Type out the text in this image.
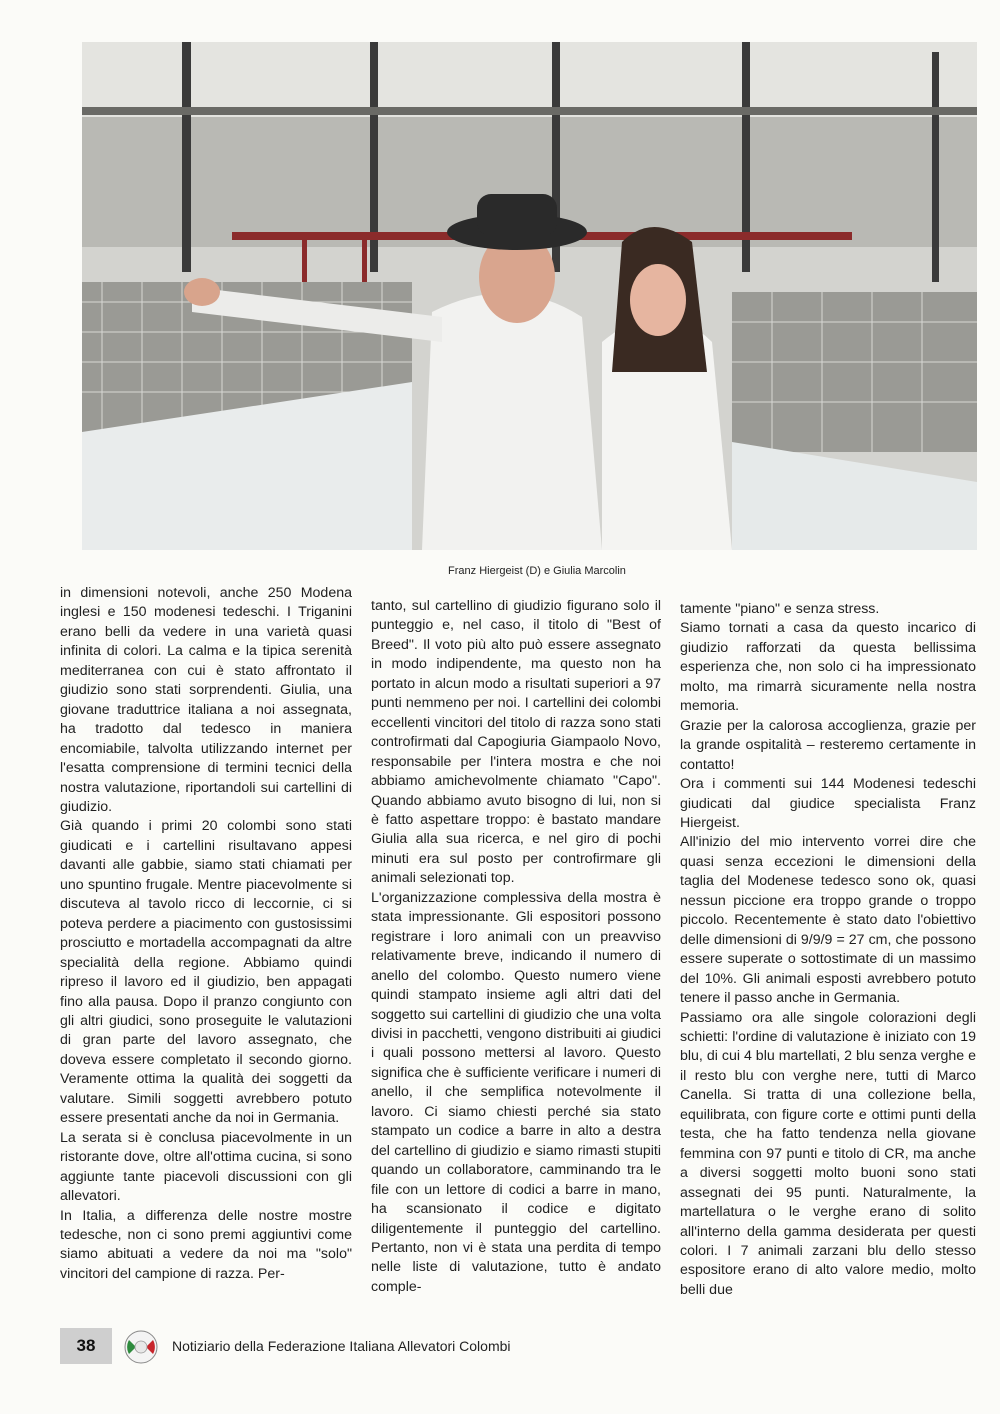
Franz Hiergeist (D) e Giulia Marcolin

in dimensioni notevoli, anche 250 Modena inglesi e 150 modenesi tedeschi. I Triganini erano belli da vedere in una varietà quasi infinita di colori. La calma e la tipica serenità mediterranea con cui è stato affrontato il giudizio sono stati sorprendenti. Giulia, una giovane traduttrice italiana a noi assegnata, ha tradotto dal tedesco in maniera encomiabile, talvolta utilizzando internet per l'esatta comprensione di termini tecnici della nostra valutazione, riportandoli sui cartellini di giudizio.

Già quando i primi 20 colombi sono stati giudicati e i cartellini risultavano appesi davanti alle gabbie, siamo stati chiamati per uno spuntino frugale. Mentre piacevolmente si discuteva al tavolo ricco di leccornie, ci si poteva perdere a piacimento con gustosissimi prosciutto e mortadella accompagnati da altre specialità della regione. Abbiamo quindi ripreso il lavoro ed il giudizio, ben appagati fino alla pausa. Dopo il pranzo congiunto con gli altri giudici, sono proseguite le valutazioni di gran parte del lavoro assegnato, che doveva essere completato il secondo giorno. Veramente ottima la qualità dei soggetti da valutare. Simili soggetti avrebbero potuto essere presentati anche da noi in Germania.

La serata si è conclusa piacevolmente in un ristorante dove, oltre all'ottima cucina, si sono aggiunte tante piacevoli discussioni con gli allevatori.

In Italia, a differenza delle nostre mostre tedesche, non ci sono premi aggiuntivi come siamo abituati a vedere da noi ma "solo" vincitori del campione di razza. Per-

tanto, sul cartellino di giudizio figurano solo il punteggio e, nel caso, il titolo di "Best of Breed". Il voto più alto può essere assegnato in modo indipendente, ma questo non ha portato in alcun modo a risultati superiori a 97 punti nemmeno per noi. I cartellini dei colombi eccellenti vincitori del titolo di razza sono stati controfirmati dal Capogiuria Giampaolo Novo, responsabile per l'intera mostra e che noi abbiamo amichevolmente chiamato "Capo". Quando abbiamo avuto bisogno di lui, non si è fatto aspettare troppo: è bastato mandare Giulia alla sua ricerca, e nel giro di pochi minuti era sul posto per controfirmare gli animali selezionati top.

L'organizzazione complessiva della mostra è stata impressionante. Gli espositori possono registrare i loro animali con un preavviso relativamente breve, indicando il numero di anello del colombo. Questo numero viene quindi stampato insieme agli altri dati del soggetto sui cartellini di giudizio che una volta divisi in pacchetti, vengono distribuiti ai giudici i quali possono mettersi al lavoro. Questo significa che è sufficiente verificare i numeri di anello, il che semplifica notevolmente il lavoro. Ci siamo chiesti perché sia stato stampato un codice a barre in alto a destra del cartellino di giudizio e siamo rimasti stupiti quando un collaboratore, camminando tra le file con un lettore di codici a barre in mano, ha scansionato il codice e digitato diligentemente il punteggio del cartellino. Pertanto, non vi è stata una perdita di tempo nelle liste di valutazione, tutto è andato comple-

tamente "piano" e senza stress.

Siamo tornati a casa da questo incarico di giudizio rafforzati da questa bellissima esperienza che, non solo ci ha impressionato molto, ma rimarrà sicuramente nella nostra memoria.

Grazie per la calorosa accoglienza, grazie per la grande ospitalità – resteremo certamente in contatto!

Ora i commenti sui 144 Modenesi tedeschi giudicati dal giudice specialista Franz Hiergeist.

All'inizio del mio intervento vorrei dire che quasi senza eccezioni le dimensioni della taglia del Modenese tedesco sono ok, quasi nessun piccione era troppo grande o troppo piccolo. Recentemente è stato dato l'obiettivo delle dimensioni di 9/9/9 = 27 cm, che possono essere superate o sottostimate di un massimo del 10%. Gli animali esposti avrebbero potuto tenere il passo anche in Germania.

Passiamo ora alle singole colorazioni degli schietti: l'ordine di valutazione è iniziato con 19 blu, di cui 4 blu martellati, 2 blu senza verghe e il resto blu con verghe nere, tutti di Marco Canella. Si tratta di una collezione bella, equilibrata, con figure corte e ottimi punti della testa, che ha fatto tendenza nella giovane femmina con 97 punti e titolo di CR, ma anche a diversi soggetti molto buoni sono stati assegnati dei 95 punti. Naturalmente, la martellatura o le verghe erano di solito all'interno della gamma desiderata per questi colori. I 7 animali zarzani blu dello stesso espositore erano di alto valore medio, molto belli due

38	Notiziario della Federazione Italiana Allevatori Colombi
